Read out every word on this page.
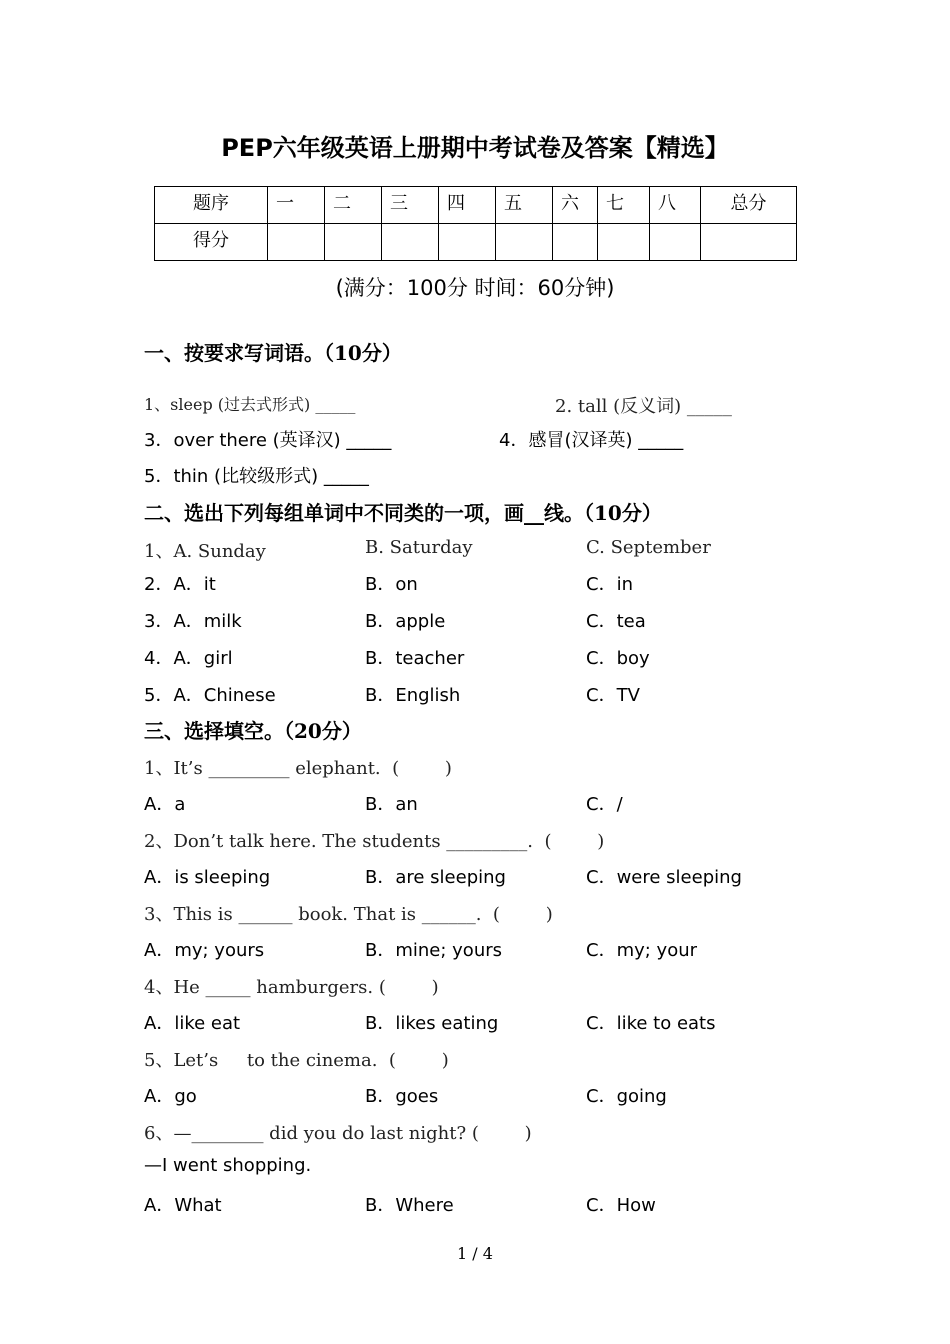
PEP六年级英语上册期中考试卷及答案【精选】
题序	一	二	三	四	五	六	七	八	总分

得分									

(满分：100分 时间：60分钟)
一、按要求写词语。（10分）
1、sleep (过去式形式) _____	2. tall (反义词) _____
3．over there (英译汉) _____	4．感冒(汉译英) _____
5．thin (比较级形式) _____
二、选出下列每组单词中不同类的一项，画__线。（10分）
1、A. Sunday	B. Saturday	C. September
2．A．it	B．on	C．in
3．A．milk	B．apple	C．tea
4．A．girl	B．teacher	C．boy
5．A．Chinese	B．English	C．TV
三、选择填空。（20分）
1、It’s _________ elephant.  (        )
A．a	B．an	C．/
2、Don’t talk here. The students _________.  (        )
A．is sleeping	B．are sleeping	C．were sleeping
3、This is ______ book. That is ______.  (        )
A．my; yours	B．mine; yours	C．my; your
4、He _____ hamburgers. (        )
A．like eat	B．likes eating	C．like to eats
5、Let’s     to the cinema.  (        )
A．go	B．goes	C．going
6、—________ did you do last night? (        )
—I went shopping.
A．What	B．Where	C．How
1 / 4
